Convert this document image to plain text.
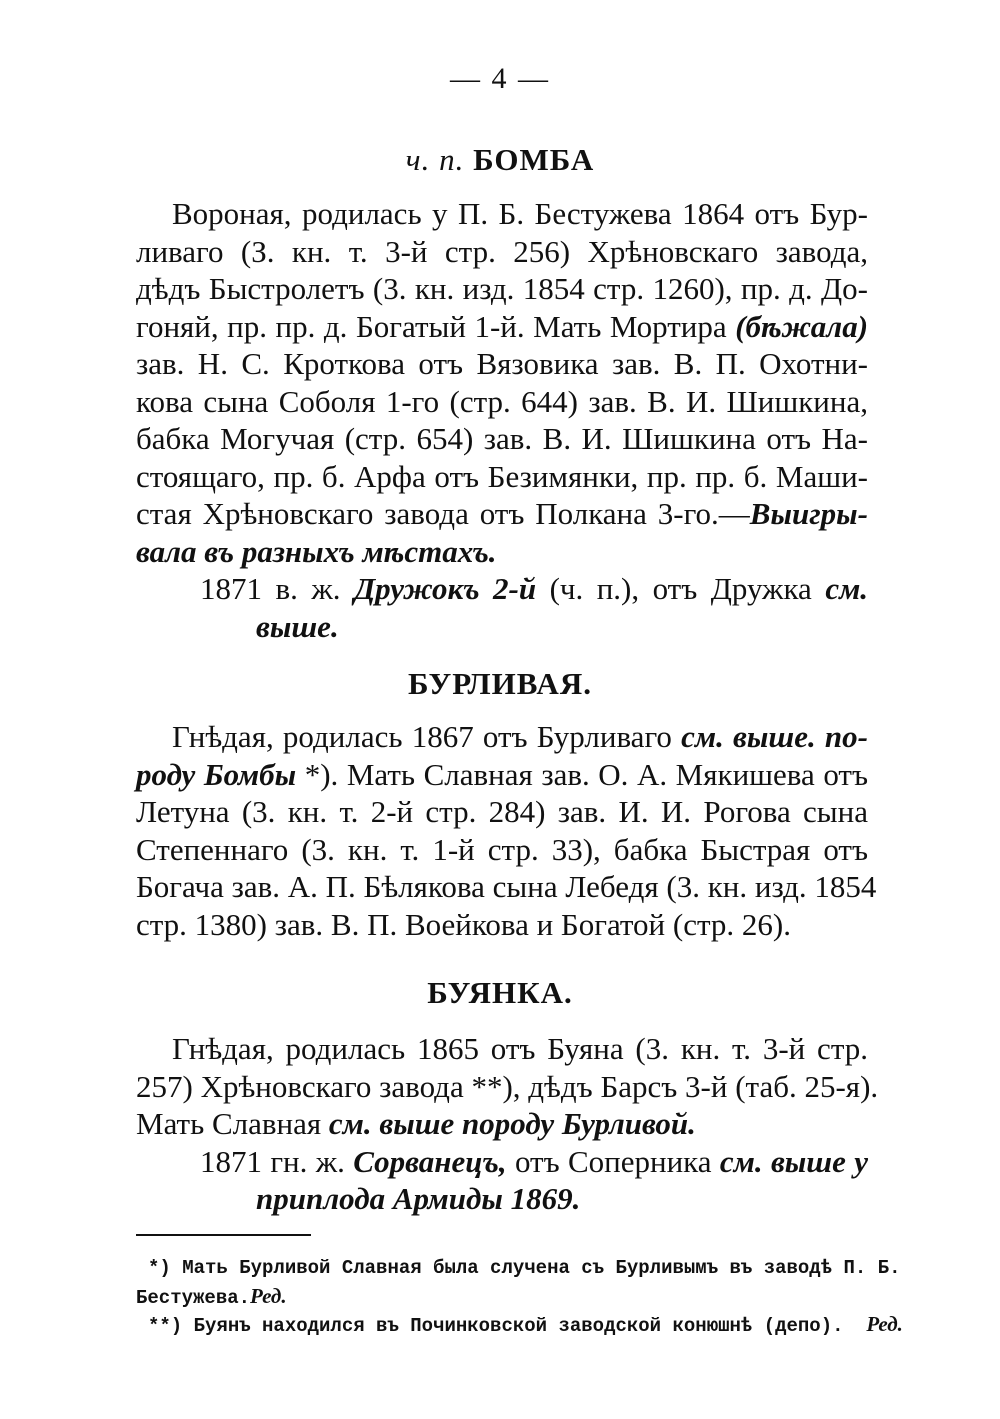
— 4 —
ч. п. БОМБА
Вороная, родилась у П. Б. Бестужева 1864 отъ Бур-
ливаго (З. кн. т. 3-й стр. 256) Хрѣновскаго завода,
дѣдъ Быстролетъ (3. кн. изд. 1854 стр. 1260), пр. д. До-
гоняй, пр. пр. д. Богатый 1-й. Мать Мортира (бѣжала)
зав. Н. С. Кроткова отъ Вязовика зав. В. П. Охотни-
кова сына Соболя 1-го (стр. 644) зав. В. И. Шишкина,
бабка Могучая (стр. 654) зав. В. И. Шишкина отъ На-
стоящаго, пр. б. Арфа отъ Безимянки, пр. пр. б. Маши-
стая Хрѣновскаго завода отъ Полкана 3-го.—Выигры-
вала въ разныхъ мѣстахъ.
1871 в. ж. Дружокъ 2-й (ч. п.), отъ Дружка см.
выше.
БУРЛИВАЯ.
Гнѣдая, родилась 1867 отъ Бурливаго см. выше. по-
роду Бомбы *). Мать Славная зав. О. А. Мякишева отъ
Летуна (3. кн. т. 2-й стр. 284) зав. И. И. Рогова сына
Степеннаго (3. кн. т. 1-й стр. 33), бабка Быстрая отъ
Богача зав. А. П. Бѣлякова сына Лебедя (3. кн. изд. 1854
стр. 1380) зав. В. П. Воейкова и Богатой (стр. 26).
БУЯНКА.
Гнѣдая, родилась 1865 отъ Буяна (3. кн. т. 3-й стр.
257) Хрѣновскаго завода **), дѣдъ Барсъ 3-й (таб. 25-я).
Мать Славная см. выше породу Бурливой.
1871 гн. ж. Сорванецъ, отъ Соперника см. выше у
приплода Армиды 1869.
*) Мать Бурливой Славная была случена съ Бурливымъ въ заводѣ П. Б.
Бестужева.Ред.
**) Буянъ находился въ Починковской заводской конюшнѣ (депо). Ред.
